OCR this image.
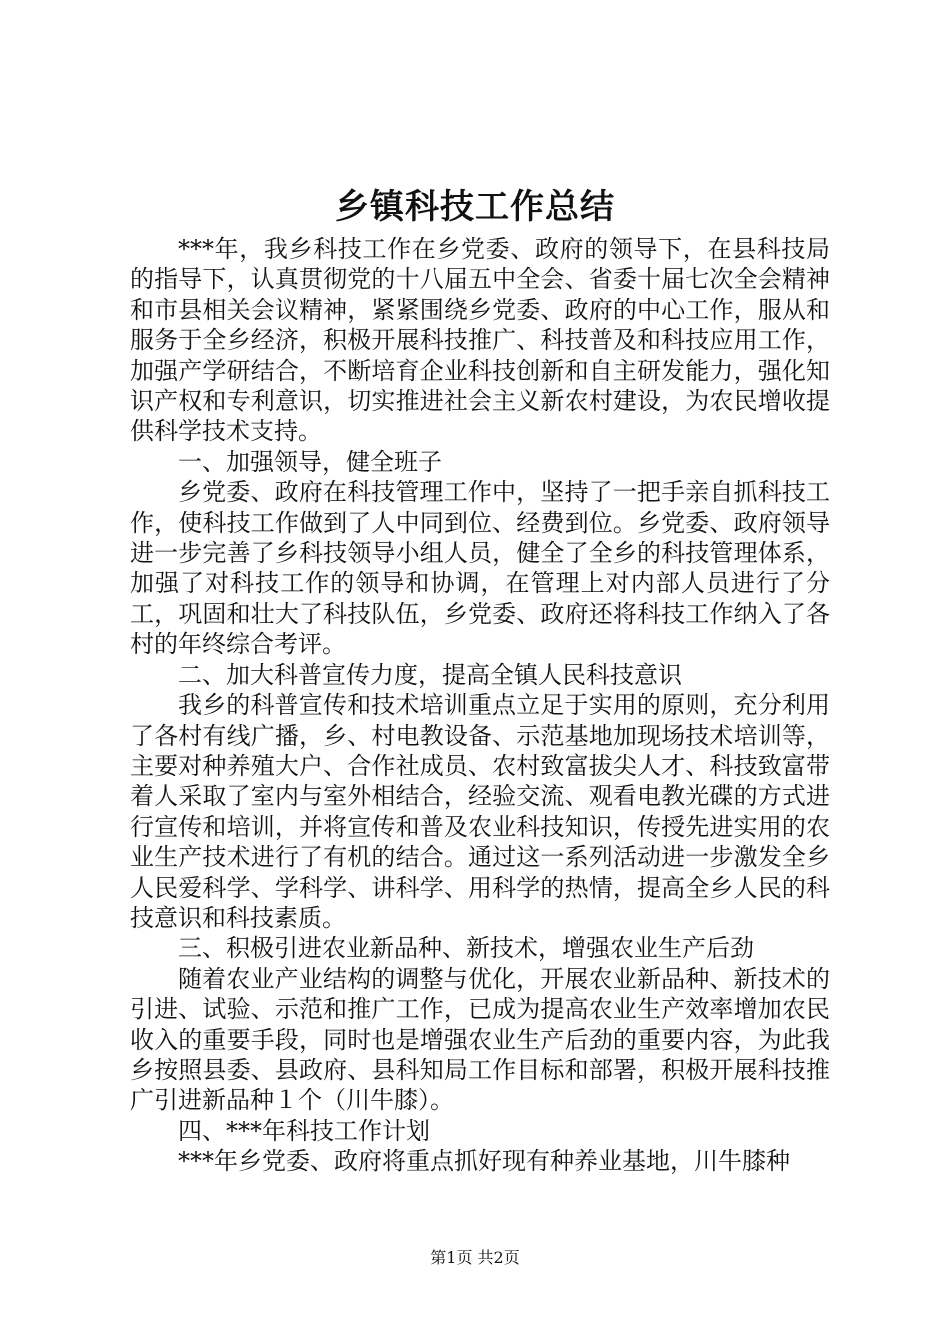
乡镇科技工作总结

***年，我乡科技工作在乡党委、政府的领导下，在县科技局的指导下，认真贯彻党的十八届五中全会、省委十届七次全会精神和市县相关会议精神，紧紧围绕乡党委、政府的中心工作，服从和服务于全乡经济，积极开展科技推广、科技普及和科技应用工作，加强产学研结合，不断培育企业科技创新和自主研发能力，强化知识产权和专利意识，切实推进社会主义新农村建设，为农民增收提供科学技术支持。

一、加强领导，健全班子

乡党委、政府在科技管理工作中，坚持了一把手亲自抓科技工作，使科技工作做到了人中同到位、经费到位。乡党委、政府领导进一步完善了乡科技领导小组人员，健全了全乡的科技管理体系，加强了对科技工作的领导和协调，在管理上对内部人员进行了分工，巩固和壮大了科技队伍，乡党委、政府还将科技工作纳入了各村的年终综合考评。

二、加大科普宣传力度，提高全镇人民科技意识

我乡的科普宣传和技术培训重点立足于实用的原则，充分利用了各村有线广播，乡、村电教设备、示范基地加现场技术培训等，主要对种养殖大户、合作社成员、农村致富拔尖人才、科技致富带着人采取了室内与室外相结合，经验交流、观看电教光碟的方式进行宣传和培训，并将宣传和普及农业科技知识，传授先进实用的农业生产技术进行了有机的结合。通过这一系列活动进一步激发全乡人民爱科学、学科学、讲科学、用科学的热情，提高全乡人民的科技意识和科技素质。

三、积极引进农业新品种、新技术，增强农业生产后劲

随着农业产业结构的调整与优化，开展农业新品种、新技术的引进、试验、示范和推广工作，已成为提高农业生产效率增加农民收入的重要手段，同时也是增强农业生产后劲的重要内容，为此我乡按照县委、县政府、县科知局工作目标和部署，积极开展科技推广引进新品种１个（川牛膝）。

四、***年科技工作计划

***年乡党委、政府将重点抓好现有种养业基地，川牛膝种

第1页 共2页
